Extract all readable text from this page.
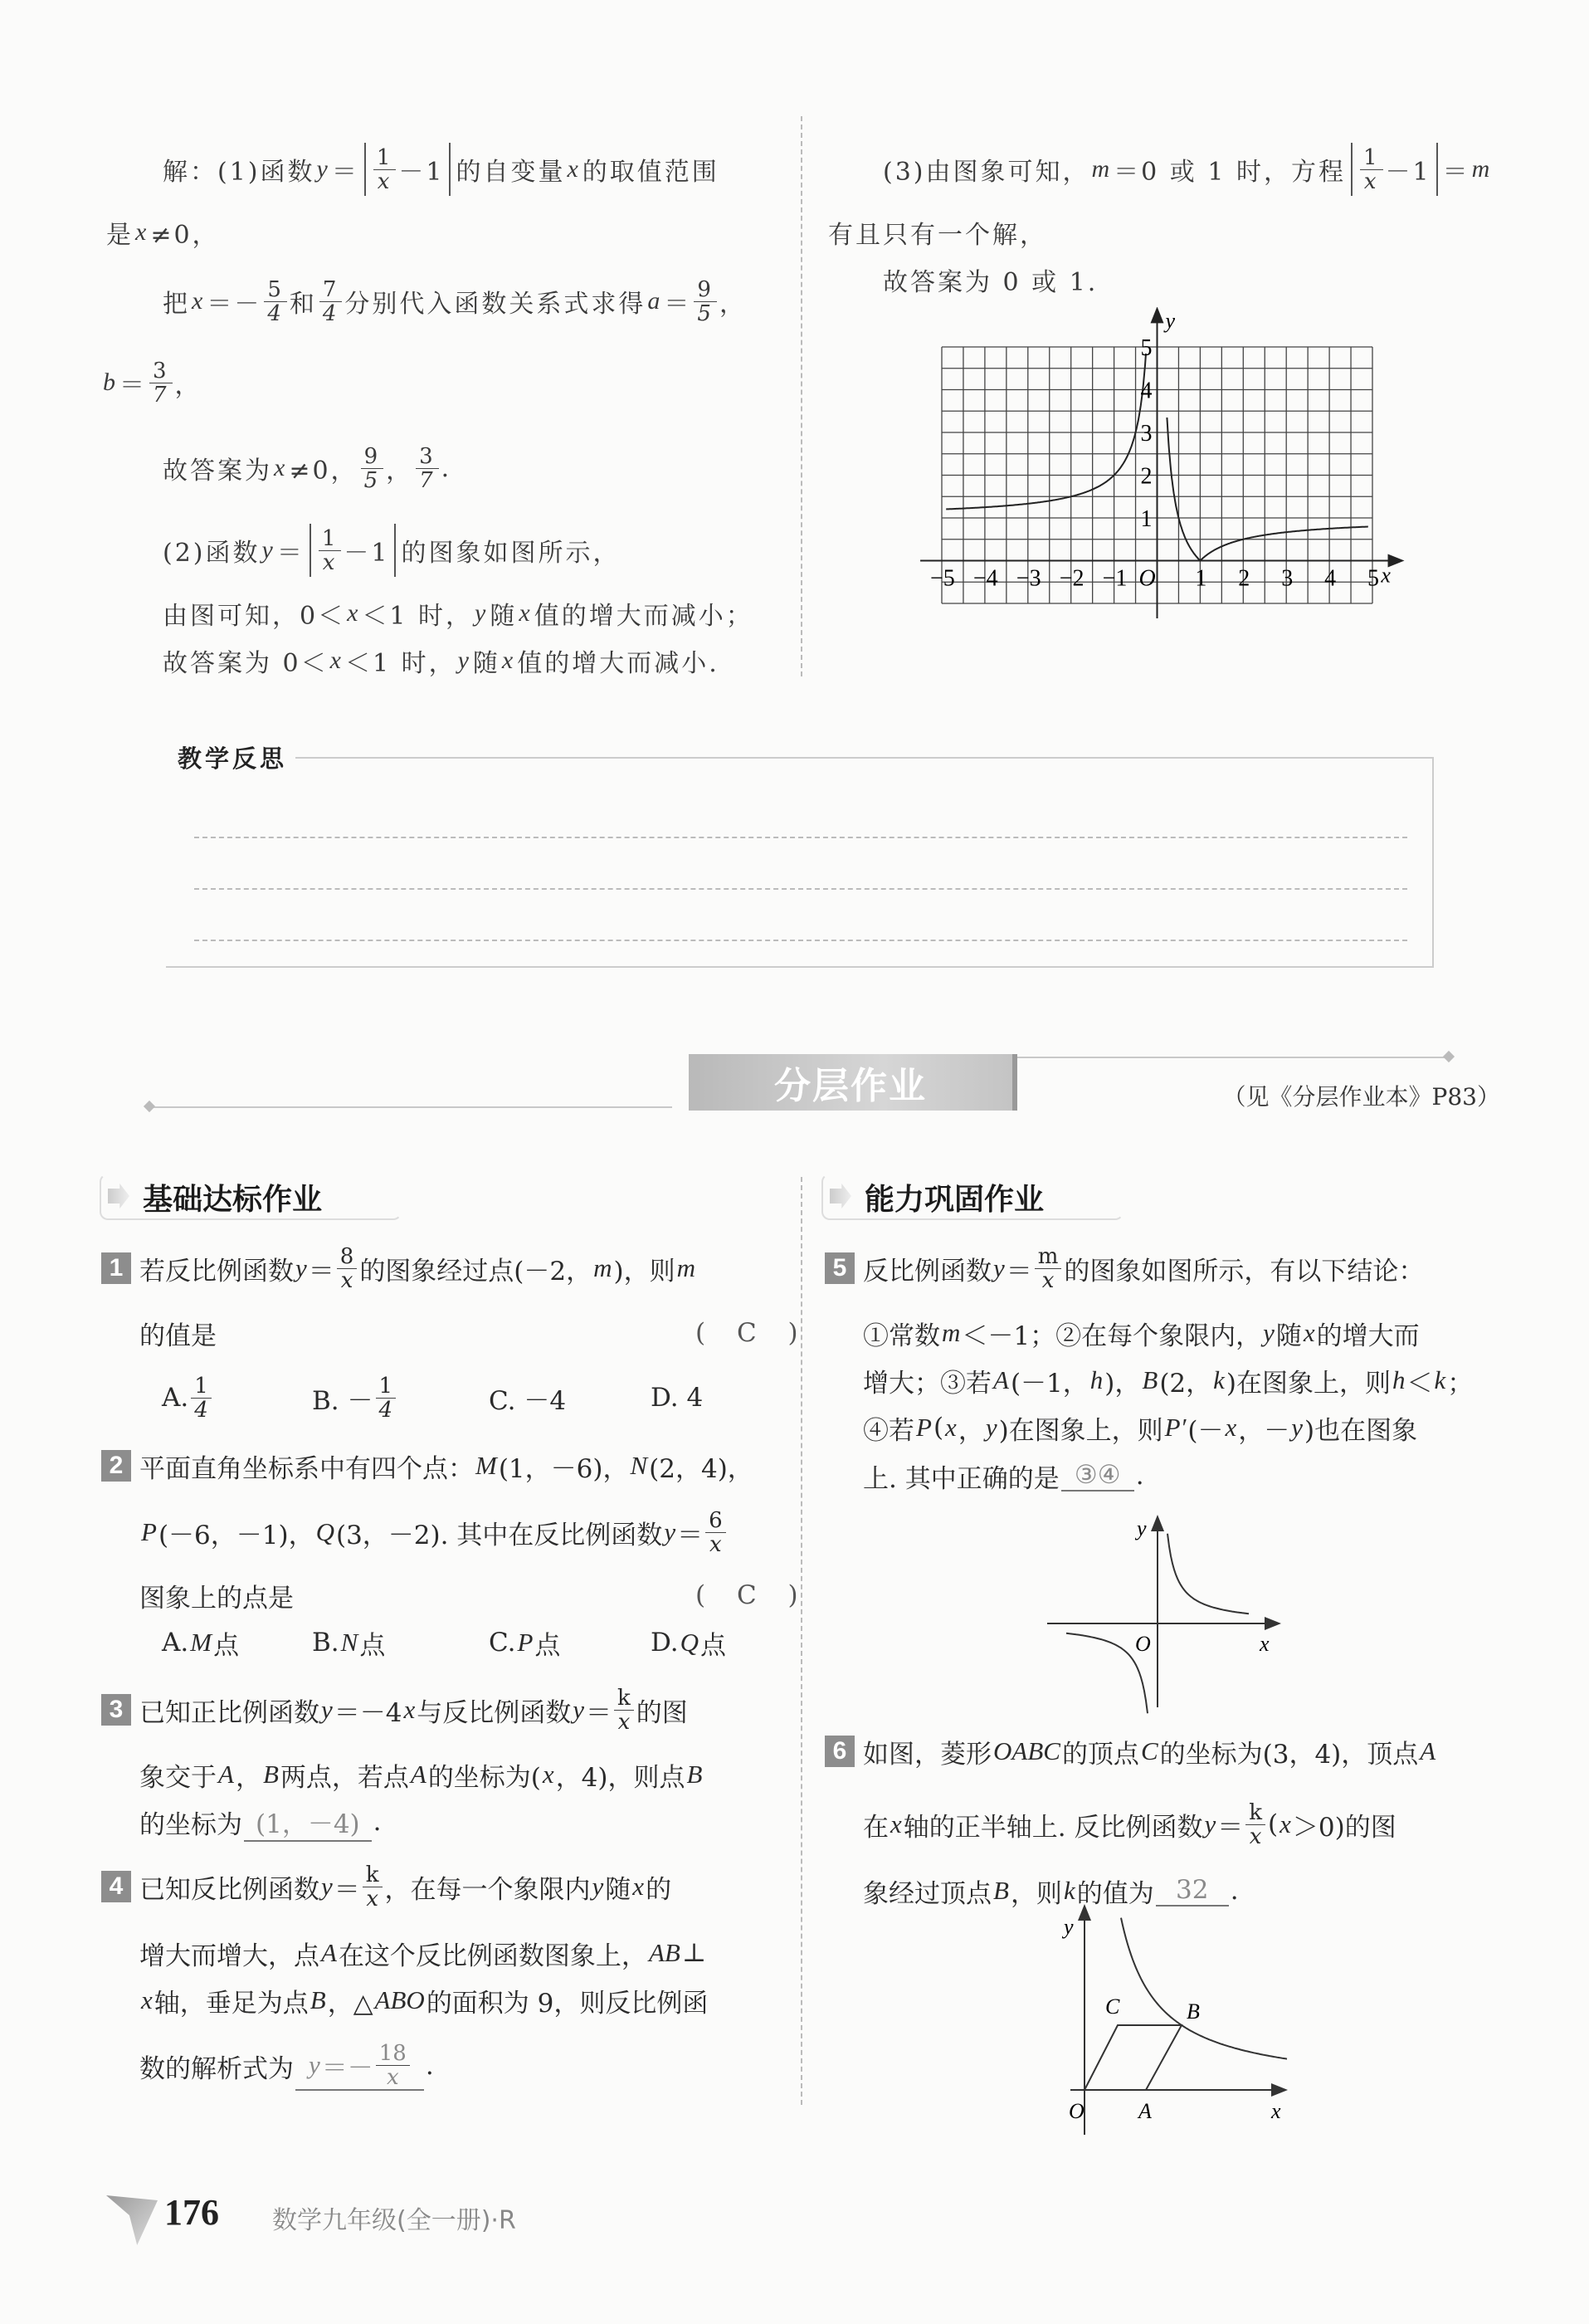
解：(1)函数 $y = \frac{1}{x} -1$ 的自变量 x 的取值范围
是 x ≠0，
把 $x =- \frac{5}{4}$ 和 $\frac{7}{4}$ 分别代入函数关系式求得 $a = \frac{9}{5}$ ，
$b = \frac{3}{7}$ ，
故答案为 x ≠0， $\frac{9}{5}$ ， $\frac{3}{7}$ .
(2)函数 $y = \frac{1}{x} -1$ 的图象如图所示，
由图可知，0＜ x ＜1 时， y 随 x 值的增大而减小；
故答案为 0＜ x ＜1 时， y 随 x 值的增大而减小.
(3)由图象可知， m ＝0 或 1 时，方程 $\frac{1}{x} -1 = m$
有且只有一个解，
故答案为 0 或 1.
−5 −4 −3 −2 −1	1 2 3 4 5
1
2
3
4
5
O	x
y
教学反思
分层作业	（见《分层作业本》P83）
基础达标作业	能力巩固作业
1 若反比例函数 $y = \frac{8}{x}$ 的图象经过点(－2， m )，则 m
的值是	( C )
A. $\frac{1}{4}$	B. － $\frac{1}{4}$	C. －4	D. 4
2 平面直角坐标系中有四个点： M (1，－6)， N (2，4)，
P (－6，－1)， Q (3，－2). 其中在反比例函数 $y = \frac{6}{x}$
图象上的点是	( C )
A. M 点	B. N 点	C. P 点	D. Q 点
3 已知正比例函数 y ＝－4 x 与反比例函数 $y = \frac{k}{x}$ 的图
象交于 A ， B 两点，若点 A 的坐标为( x ，4)，则点 B
的坐标为 (1，－4) .
4 已知反比例函数 $y = \frac{k}{x}$ ，在每一个象限内 y 随 x 的
增大而增大，点 A 在这个反比例函数图象上， AB ⊥
x 轴，垂足为点 B ，△ ABO 的面积为 9，则反比例函
数的解析式为 $y =- \frac{18}{x}$ .
5 反比例函数 $y = \frac{m}{x}$ 的图象如图所示，有以下结论：
①常数 m ＜－1；②在每个象限内， y 随 x 的增大而
增大；③若 A (－1， h )， B (2， k )在图象上，则 h ＜ k ；
④若 P ( x ， y )在图象上，则 P′ (－ x ，－ y )也在图象
上. 其中正确的是 ③④ .
y
x
O
6 如图，菱形 OABC 的顶点 C 的坐标为(3，4)，顶点 A
在 x 轴的正半轴上. 反比例函数 $y = \frac{k}{x}$ ( x ＞0)的图
象经过顶点 B ，则 k 的值为 32 .
y
x
O	A
B
C
176 数学九年级(全一册)·R
